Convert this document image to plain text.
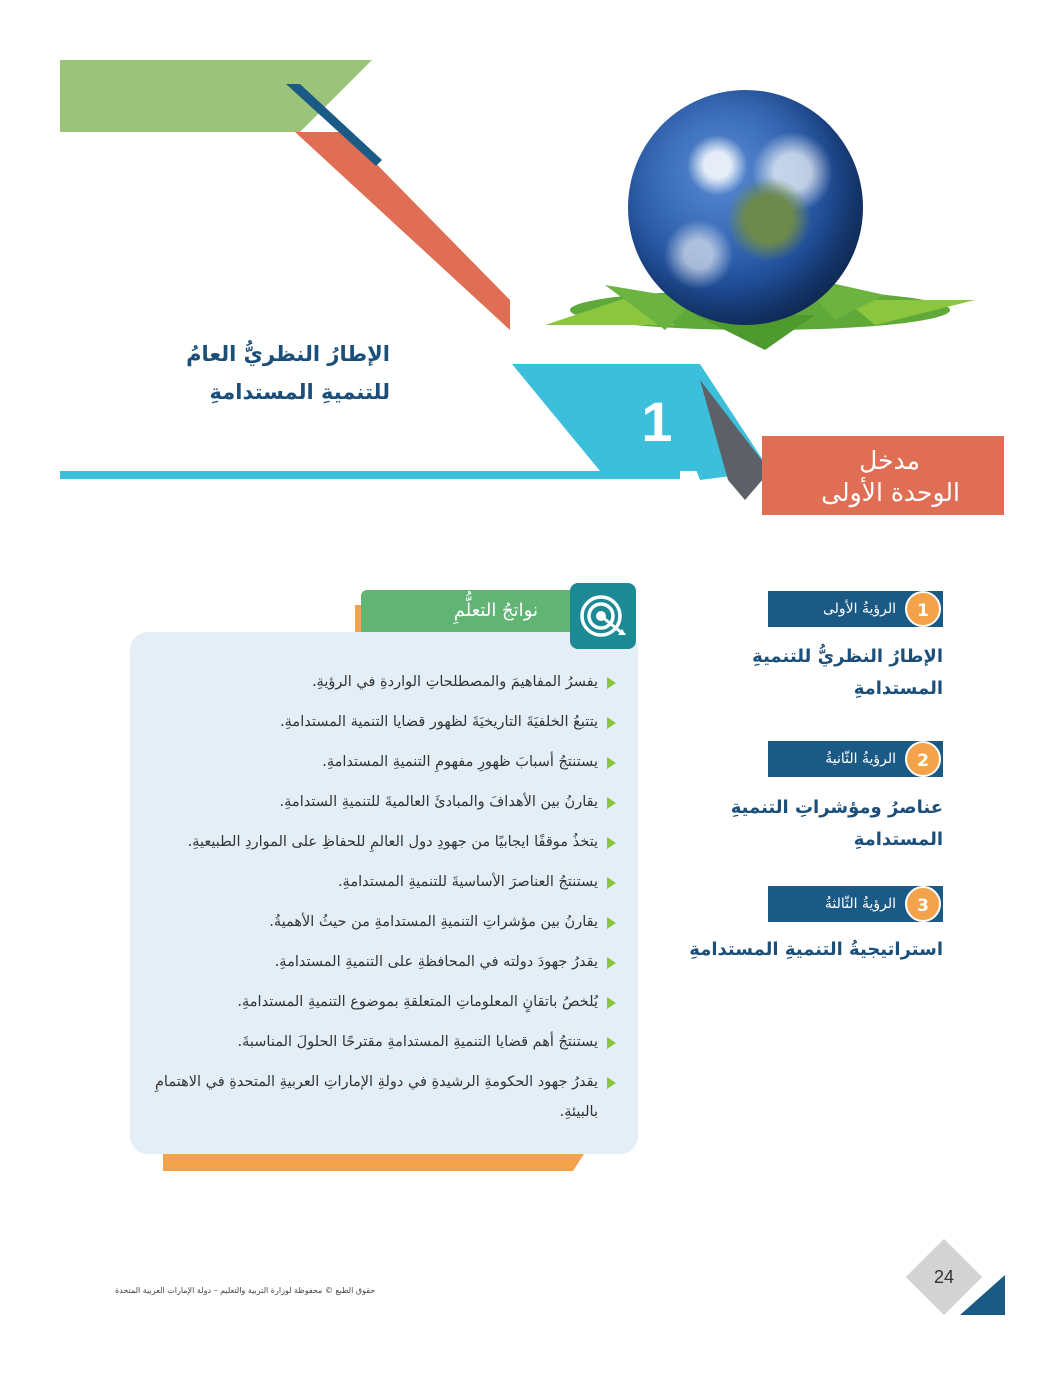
الإطارُ النظريُّ العامُ
للتنميةِ المستدامةِ	1
مدخل
الوحدة الأولى
الرؤيةُ الأولى	1
الإطارُ النظريُّ للتنميةِ
المستدامةِ
الرؤيةُ الثّانيةُ	2
عناصرُ ومؤشراتِ التنميةِ
المستدامةِ
الرؤيةُ الثّالثةُ	3
استراتيجيةُ التنميةِ المستدامةِ
يفسرُ المفاهيمَ والمصطلحاتِ الواردةِ في الرؤيةِ.
يتتبعُ الخلفيَةَ التاريخيَةَ لظهور قضايا التنمية المستدامةِ.
يستنتجُ أسبابَ ظهورِ مفهومِ التنميةِ المستدامةِ.
يقارنُ بين الأهدافَ والمبادئَ العالميةَ للتنميةِ الستدامةِ.
يتخذُ موقفًا ايجابيًا من جهودِ دول العالمِ للحفاظِ على المواردِ الطبيعيةِ.
يستنتجُ العناصرَ الأساسيةَ للتنميةِ المستدامةِ.
يقارنُ بين مؤشراتِ التنميةِ المستدامةِ من حيثُ الأهميةُ.
يقدرُ جهودَ دولته في المحافظةِ على التنميةِ المستدامةِ.
يُلخصُ باتقانٍ المعلوماتِ المتعلقةِ بموضوع التنميةِ المستدامةِ.
يستنتجُ أهم قضايا التنميةِ المستدامةِ مقترحًا الحلولَ المناسبةَ.
يقدرُ جهود الحكومةِ الرشيدةِ في دولةِ الإماراتِ العربيةِ المتحدةِ في الاهتمامِ بالبيئةِ.
نواتجُ التعلُّمِ
حقوق الطبع © محفوظة لوزارة التربية والتعليم – دولة الإمارات العربية المتحدة
24
